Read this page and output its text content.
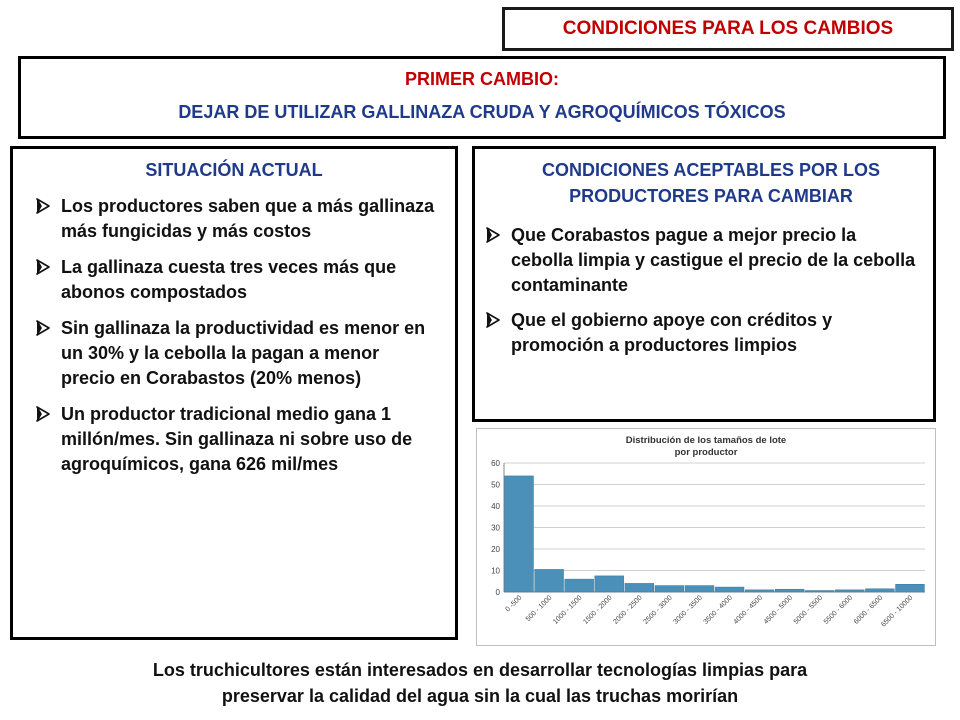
CONDICIONES PARA LOS CAMBIOS
PRIMER CAMBIO:
DEJAR DE UTILIZAR GALLINAZA CRUDA Y AGROQUÍMICOS TÓXICOS
SITUACIÓN ACTUAL
Los productores saben que a más gallinaza más fungicidas y más costos
La gallinaza cuesta tres veces más que abonos compostados
Sin gallinaza la productividad es menor en un 30% y la cebolla la pagan a menor precio en Corabastos (20% menos)
Un productor tradicional medio gana 1 millón/mes. Sin gallinaza ni sobre uso de agroquímicos, gana 626 mil/mes
CONDICIONES ACEPTABLES POR LOS PRODUCTORES PARA CAMBIAR
Que Corabastos pague a mejor precio la cebolla limpia y castigue el precio de la cebolla contaminante
Que el gobierno apoye con créditos y promoción a productores limpios
Distribución de los tamaños de lote
por productor
0
10
20
30
40
50
60
0 -500 500 - 1000
1000 - 1500
1500 - 2000
2000 - 2500
2500 - 3000
3000 - 3500
3500 - 4000
4000 - 4500
4500 - 5000
5000 - 5500
5500 - 6000
6000 - 6500
6500 - 10000
Los truchicultores están interesados en desarrollar tecnologías limpias para
preservar la calidad del agua sin la cual las truchas morirían
